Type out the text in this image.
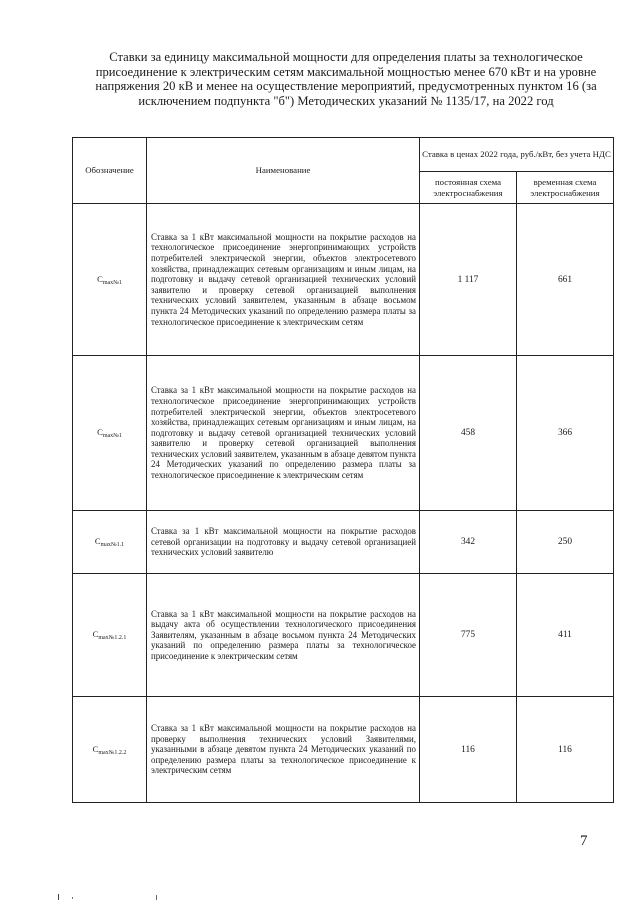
Ставки за единицу максимальной мощности для определения платы за технологическое присоединение к электрическим сетям максимальной мощностью менее 670 кВт и на уровне напряжения 20 кВ и менее на осуществление мероприятий, предусмотренных пунктом 16 (за исключением подпункта "б") Методических указаний № 1135/17, на 2022 год
Обозначение	Наименование	Ставка в ценах 2022 года, руб./кВт, без учета НДС	
		постоянная схема электроснабжения	временная схема электроснабжения
$C_{max№1}$	Ставка за 1 кВт максимальной мощности на покрытие расходов на технологическое присоединение энергопринимающих устройств потребителей электрической энергии, объектов электросетевого хозяйства, принадлежащих сетевым организациям и иным лицам, на подготовку и выдачу сетевой организацией технических условий заявителю и проверку сетевой организацией выполнения технических условий заявителем, указанным в абзаце восьмом пункта 24 Методических указаний по определению размера платы за технологическое присоединение к электрическим сетям	1 117	661
$C_{max№1}$	Ставка за 1 кВт максимальной мощности на покрытие расходов на технологическое присоединение энергопринимающих устройств потребителей электрической энергии, объектов электросетевого хозяйства, принадлежащих сетевым организациям и иным лицам, на подготовку и выдачу сетевой организацией технических условий заявителю и проверку сетевой организацией выполнения технических условий заявителем, указанным в абзаце девятом пункта 24 Методических указаний по определению размера платы за технологическое присоединение к электрическим сетям	458	366
$C_{max№1.1}$	Ставка за 1 кВт максимальной мощности на покрытие расходов сетевой организации на подготовку и выдачу сетевой организацией технических условий заявителю	342	250
$C_{max№1.2.1}$	Ставка за 1 кВт максимальной мощности на покрытие расходов на выдачу акта об осуществлении технологического присоединения Заявителям, указанным в абзаце восьмом пункта 24 Методических указаний по определению размера платы за технологическое присоединение к электрическим сетям	775	411
$C_{max№1.2.2}$	Ставка за 1 кВт максимальной мощности на покрытие расходов на проверку выполнения технических условий Заявителями, указанными в абзаце девятом пункта 24 Методических указаний по определению размера платы за технологическое присоединение к электрическим сетям	116	116
7
